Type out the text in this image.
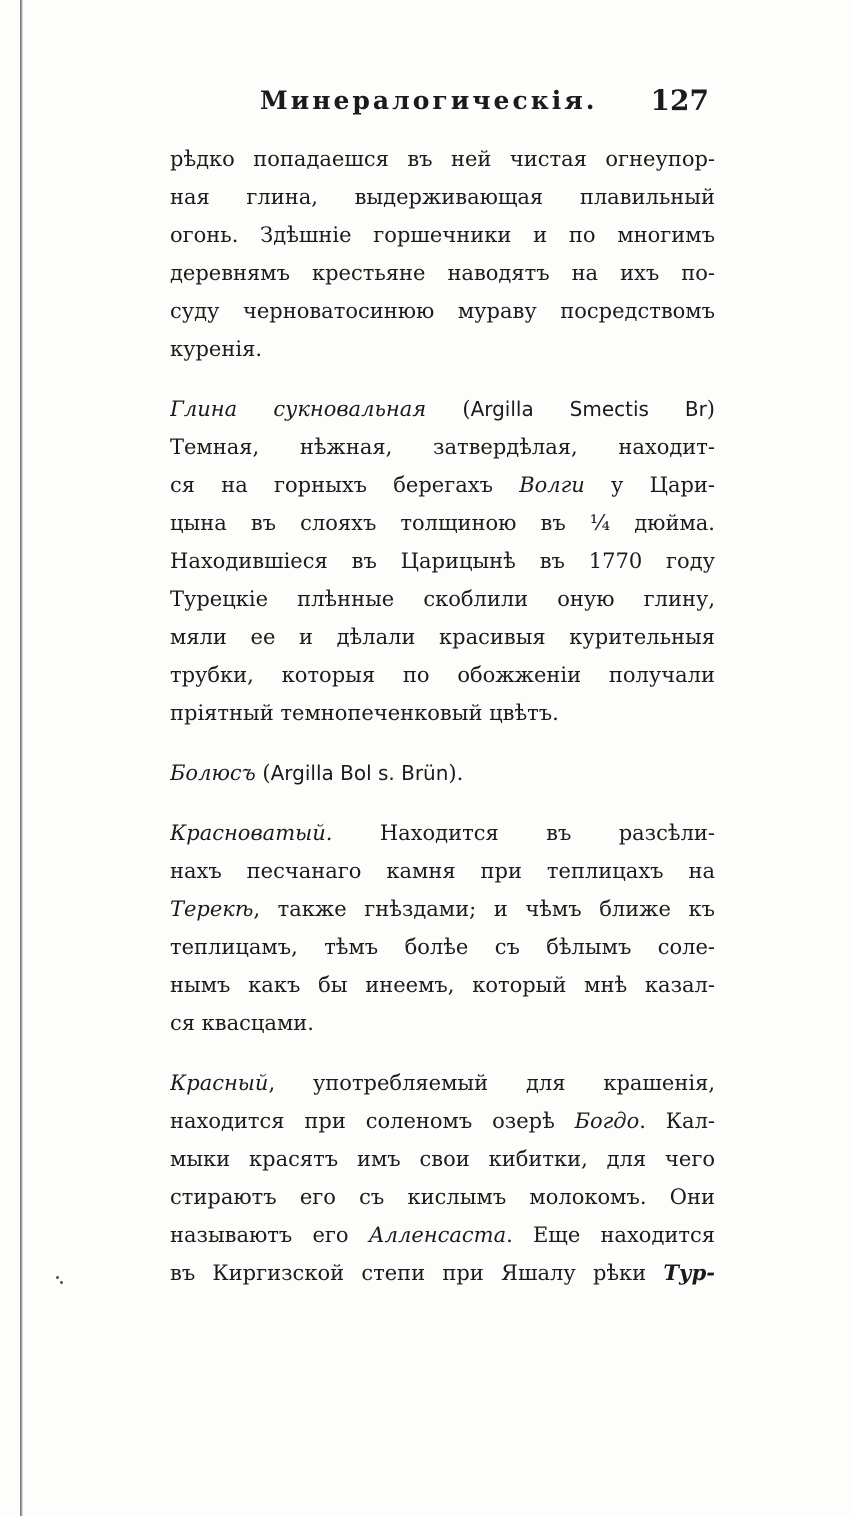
Минералогическія. 127
рѣдко попадаешся въ ней чистая огнеупор-
ная глина, выдерживающая плавильный
огонь. Здѣшніе горшечники и по многимъ
деревнямъ крестьяне наводятъ на ихъ по-
суду черноватосинюю мураву посредствомъ
куренія.
Глина сукновальная (Argilla Smectis Br)
Темная, нѣжная, затвердѣлая, находит-
ся на горныхъ берегахъ Волги у Цари-
цына въ слояхъ толщиною въ ¼ дюйма.
Находившіеся въ Царицынѣ въ 1770 году
Турецкіе плѣнные скоблили оную глину,
мяли ее и дѣлали красивыя курительныя
трубки, которыя по обожженіи получали
пріятный темнопеченковый цвѣтъ.
Болюсъ (Argilla Bol s. Brün).
Красноватый. Находится въ разсѣли-
нахъ песчанаго камня при теплицахъ на
Терекѣ, также гнѣздами; и чѣмъ ближе къ
теплицамъ, тѣмъ болѣе съ бѣлымъ соле-
нымъ какъ бы инеемъ, который мнѣ казал-
ся квасцами.
Красный, употребляемый для крашенія,
находится при соленомъ озерѣ Богдо. Кал-
мыки красятъ имъ свои кибитки, для чего
стираютъ его съ кислымъ молокомъ. Они
называютъ его Алленсаста. Еще находится
въ Киргизской степи при Яшалу рѣки Тур-
